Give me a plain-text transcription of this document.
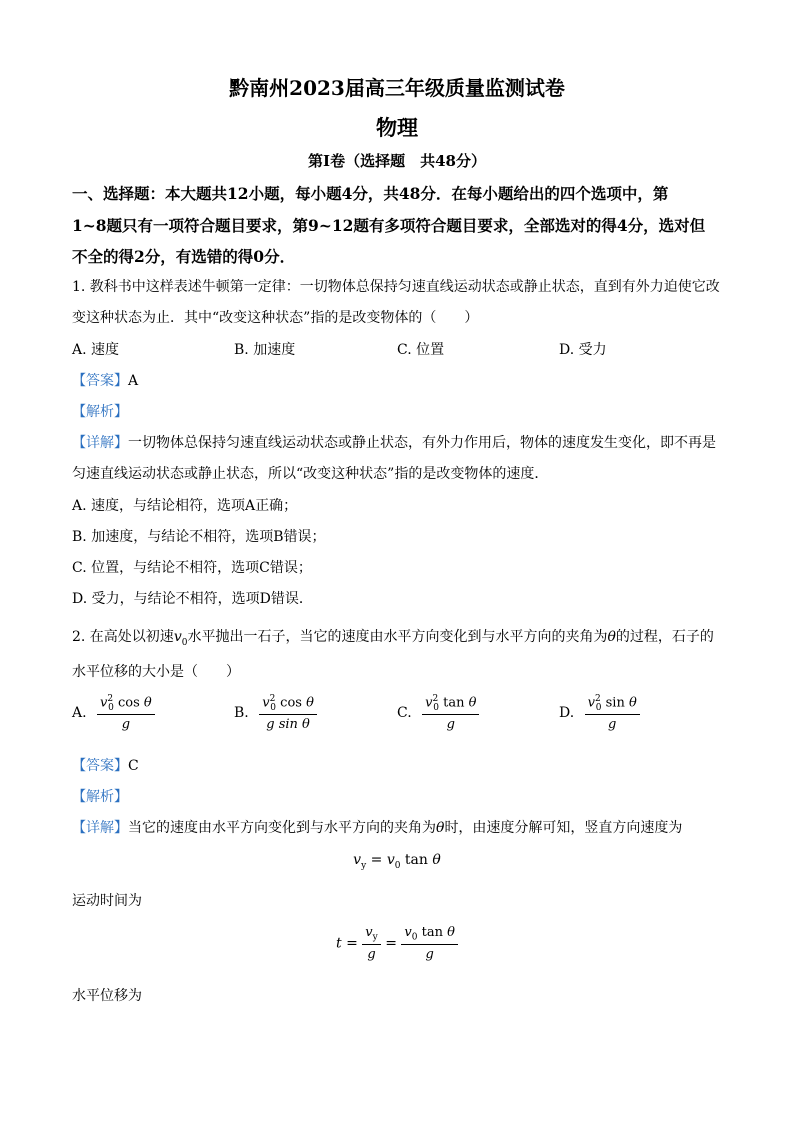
黔南州2023届高三年级质量监测试卷
物理
第Ⅰ卷（选择题　共48分）
一、选择题：本大题共12小题，每小题4分，共48分．在每小题给出的四个选项中，第
1~8题只有一项符合题目要求，第9~12题有多项符合题目要求，全部选对的得4分，选对但
不全的得2分，有选错的得0分．
1. 教科书中这样表述牛顿第一定律：一切物体总保持匀速直线运动状态或静止状态，直到有外力迫使它改
变这种状态为止．其中“改变这种状态”指的是改变物体的（　　）
A. 速度	B. 加速度	C. 位置	D. 受力
【答案】A
【解析】
【详解】一切物体总保持匀速直线运动状态或静止状态，有外力作用后，物体的速度发生变化，即不再是
匀速直线运动状态或静止状态，所以“改变这种状态”指的是改变物体的速度．
A. 速度，与结论相符，选项A正确；
B. 加速度，与结论不相符，选项B错误；
C. 位置，与结论不相符，选项C错误；
D. 受力，与结论不相符，选项D错误．
2. 在高处以初速$v_0$水平抛出一石子，当它的速度由水平方向变化到与水平方向的夹角为θ的过程，石子的
水平位移的大小是（　　）
A. $\frac{v^2_0 \cos \theta}{g}$	B. $\frac{v^2_0 \cos \theta}{\text{g sin θ}}$	C. $\frac{v^2_0 \tan \theta}{g}$	D. $\frac{v^2_0 \sin \theta}{g}$
【答案】C
【解析】
【详解】当它的速度由水平方向变化到与水平方向的夹角为θ时，由速度分解可知，竖直方向速度为
$v_y = v_0$ tan θ
运动时间为
$t = \frac{v_y}{g} = \frac{v_0 \tan \theta}{g}$
水平位移为
